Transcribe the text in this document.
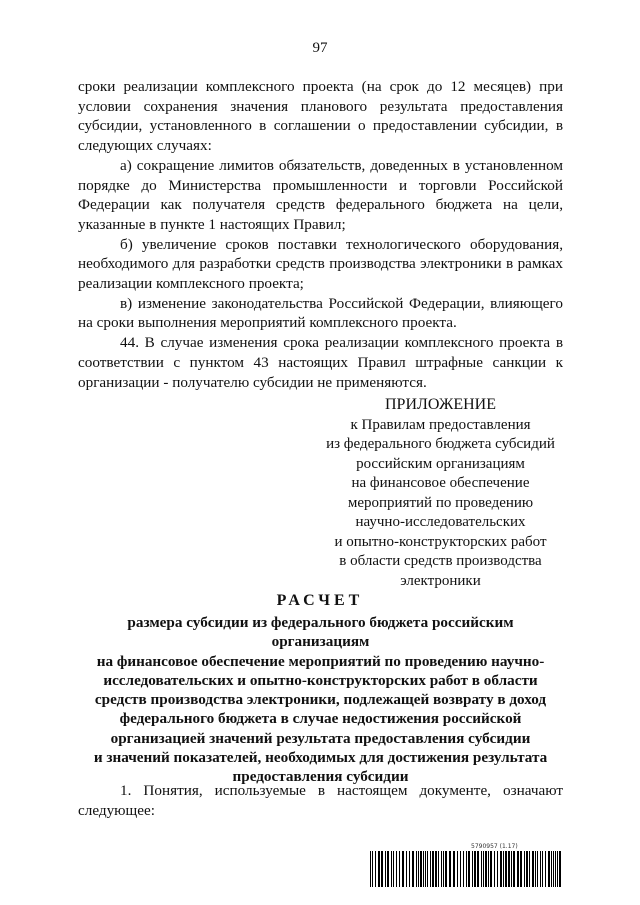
97

сроки реализации комплексного проекта (на срок до 12 месяцев) при условии сохранения значения планового результата предоставления субсидии, установленного в соглашении о предоставлении субсидии, в следующих случаях:

а) сокращение лимитов обязательств, доведенных в установленном порядке до Министерства промышленности и торговли Российской Федерации как получателя средств федерального бюджета на цели, указанные в пункте 1 настоящих Правил;

б) увеличение сроков поставки технологического оборудования, необходимого для разработки средств производства электроники в рамках реализации комплексного проекта;

в) изменение законодательства Российской Федерации, влияющего на сроки выполнения мероприятий комплексного проекта.

44. В случае изменения срока реализации комплексного проекта в соответствии с пунктом 43 настоящих Правил штрафные санкции к организации - получателю субсидии не применяются.

ПРИЛОЖЕНИЕ
к Правилам предоставления
из федерального бюджета субсидий
российским организациям
на финансовое обеспечение
мероприятий по проведению
научно-исследовательских
и опытно-конструкторских работ
в области средств производства
электроники
РАСЧЕТ
размера субсидии из федерального бюджета российским организациям
на финансовое обеспечение мероприятий по проведению научно-
исследовательских и опытно-конструкторских работ в области
средств производства электроники, подлежащей возврату в доход
федерального бюджета в случае недостижения российской
организацией значений результата предоставления субсидии
и значений показателей, необходимых для достижения результата
предоставления субсидии

1. Понятия, используемые в настоящем документе, означают следующее:

5790957 (1.17)
